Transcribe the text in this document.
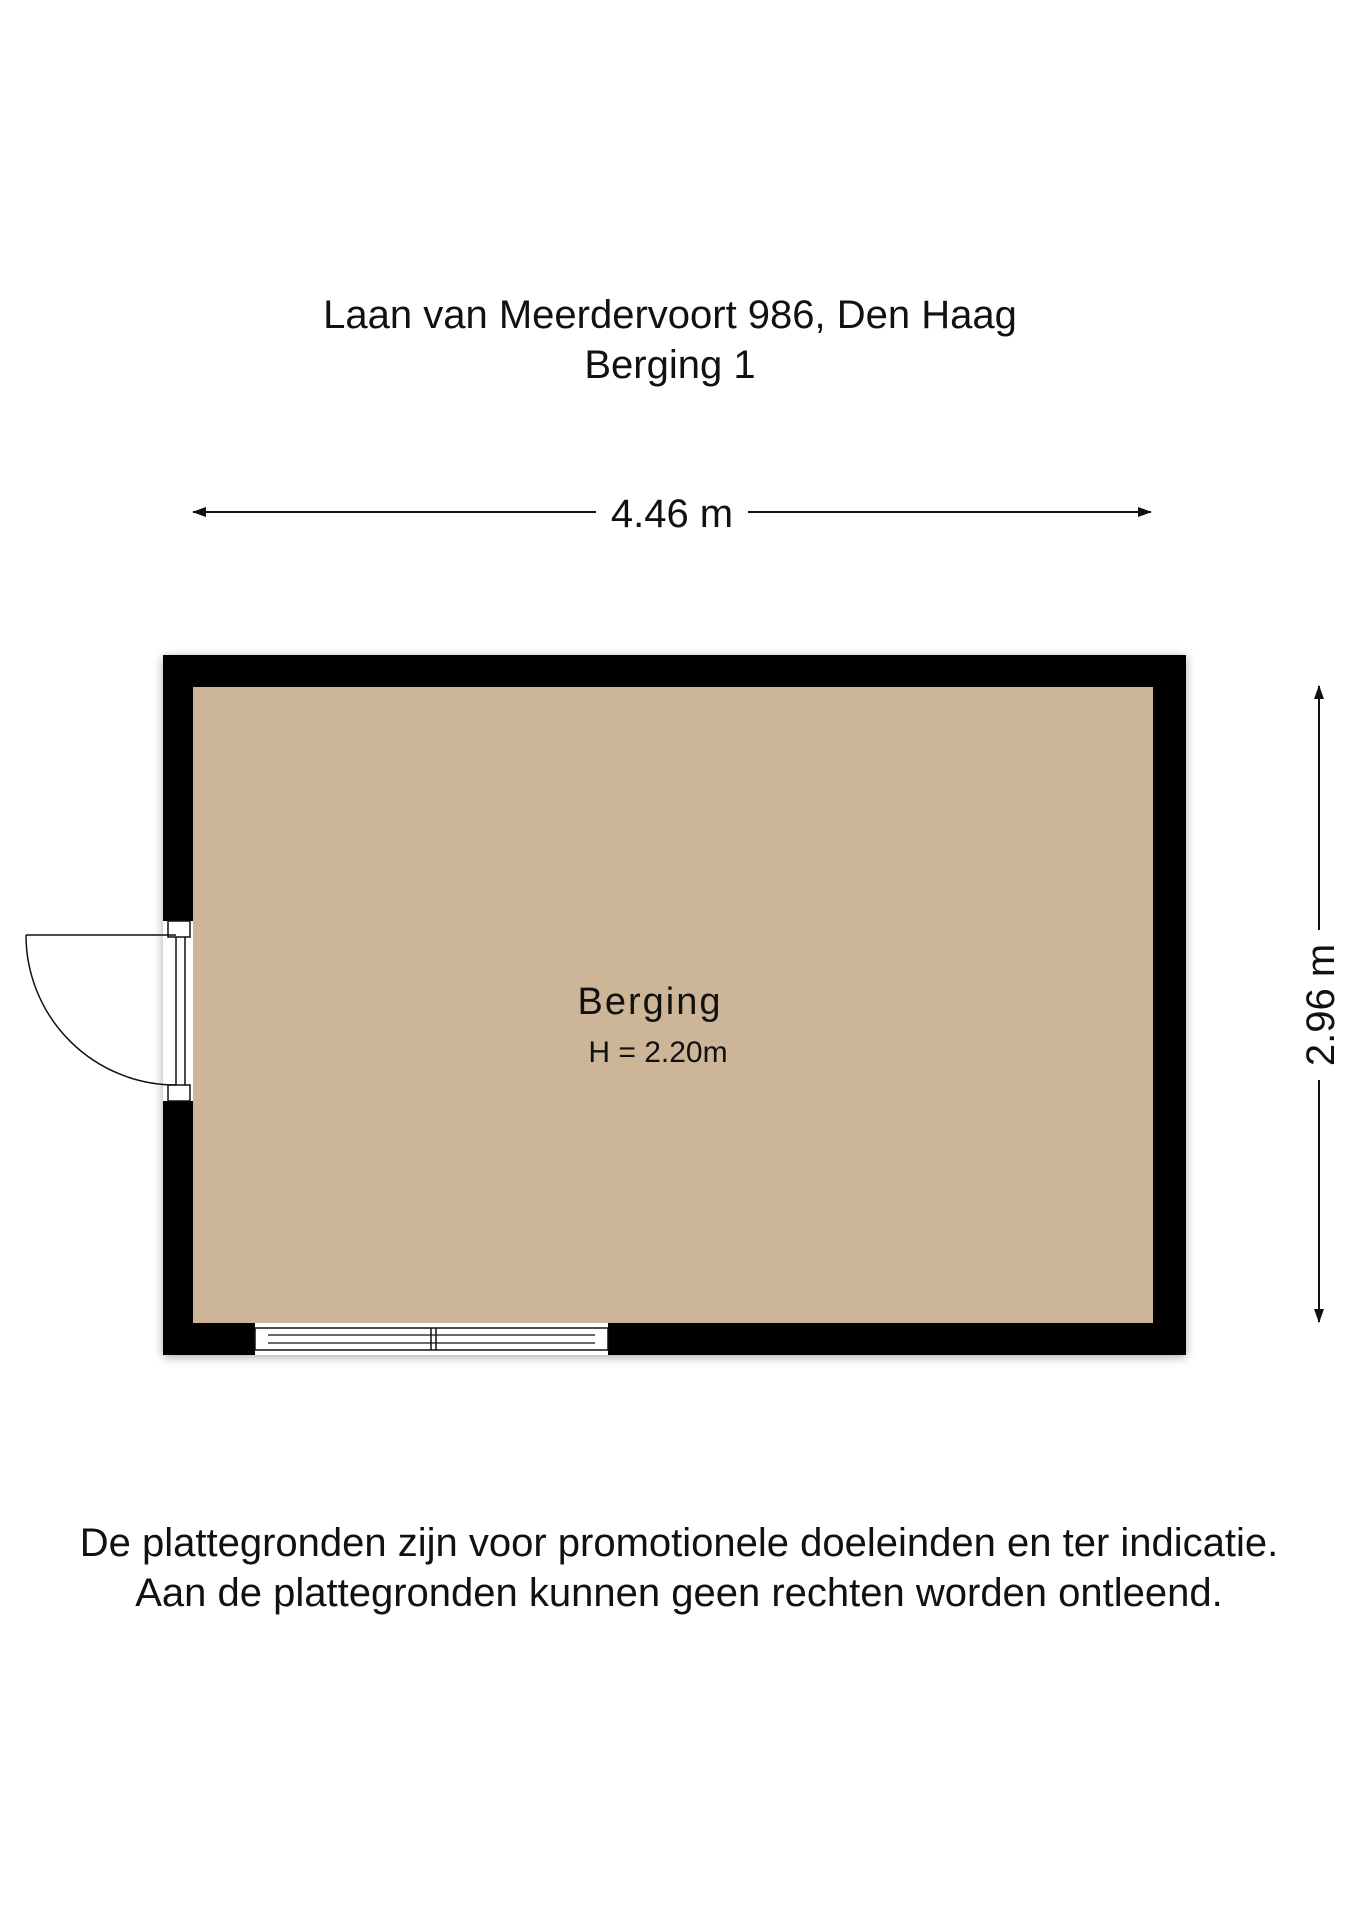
Laan van Meerdervoort 986, Den Haag
Berging 1
4.46 m
2.96 m
Berging
H = 2.20m
De plattegronden zijn voor promotionele doeleinden en ter indicatie.
Aan de plattegronden kunnen geen rechten worden ontleend.
